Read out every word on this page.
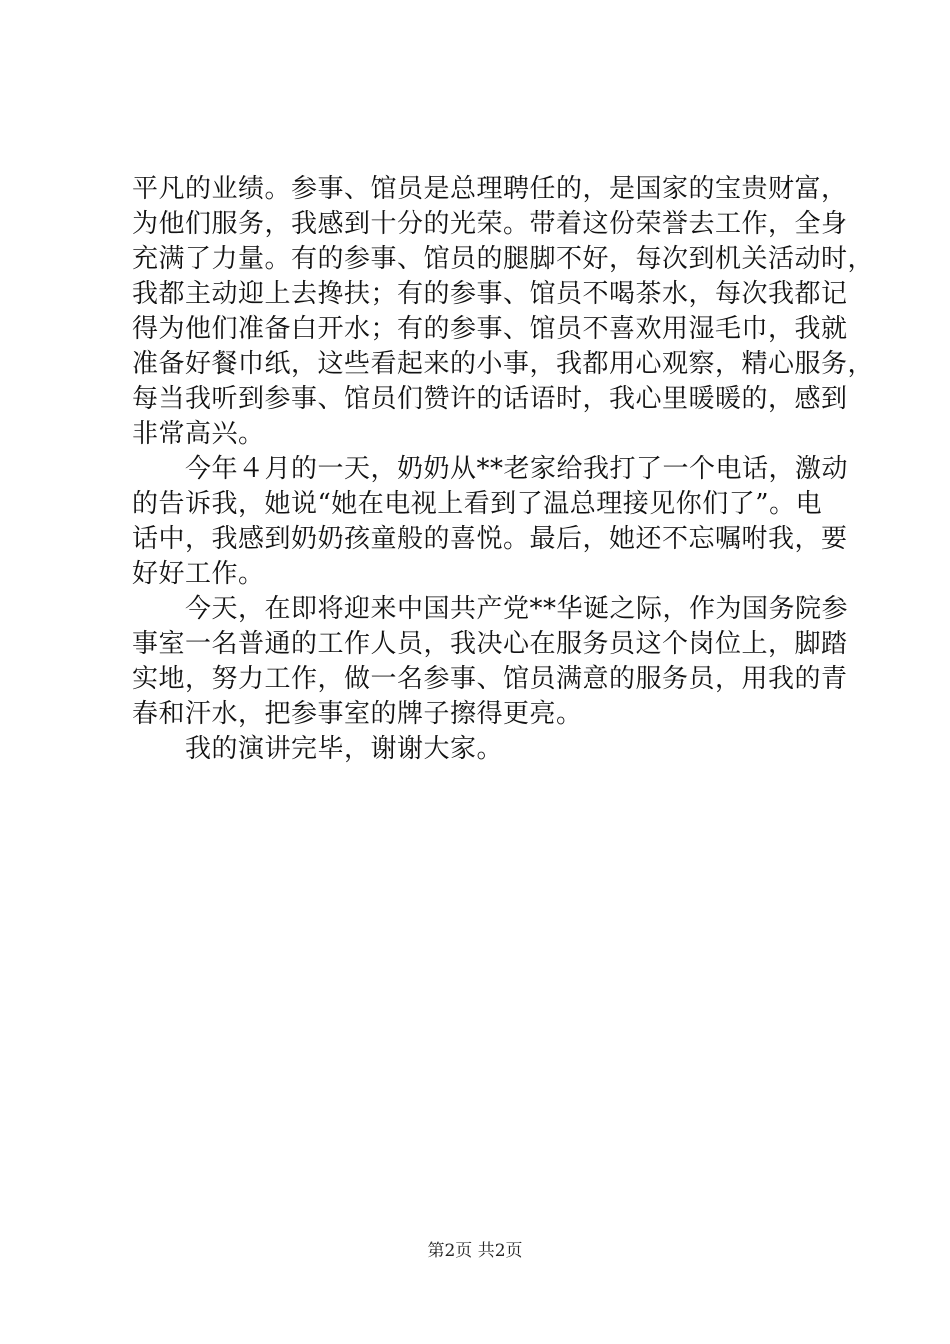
平凡的业绩。参事、馆员是总理聘任的，是国家的宝贵财富，
为他们服务，我感到十分的光荣。带着这份荣誉去工作，全身
充满了力量。有的参事、馆员的腿脚不好，每次到机关活动时，
我都主动迎上去搀扶；有的参事、馆员不喝茶水，每次我都记
得为他们准备白开水；有的参事、馆员不喜欢用湿毛巾，我就
准备好餐巾纸，这些看起来的小事，我都用心观察，精心服务，
每当我听到参事、馆员们赞许的话语时，我心里暖暖的，感到
非常高兴。
　　今年４月的一天，奶奶从**老家给我打了一个电话，激动
的告诉我，她说“她在电视上看到了温总理接见你们了”。电
话中，我感到奶奶孩童般的喜悦。最后，她还不忘嘱咐我，要
好好工作。
　　今天，在即将迎来中国共产党**华诞之际，作为国务院参
事室一名普通的工作人员，我决心在服务员这个岗位上，脚踏
实地，努力工作，做一名参事、馆员满意的服务员，用我的青
春和汗水，把参事室的牌子擦得更亮。
　　我的演讲完毕，谢谢大家。
第2页 共2页
